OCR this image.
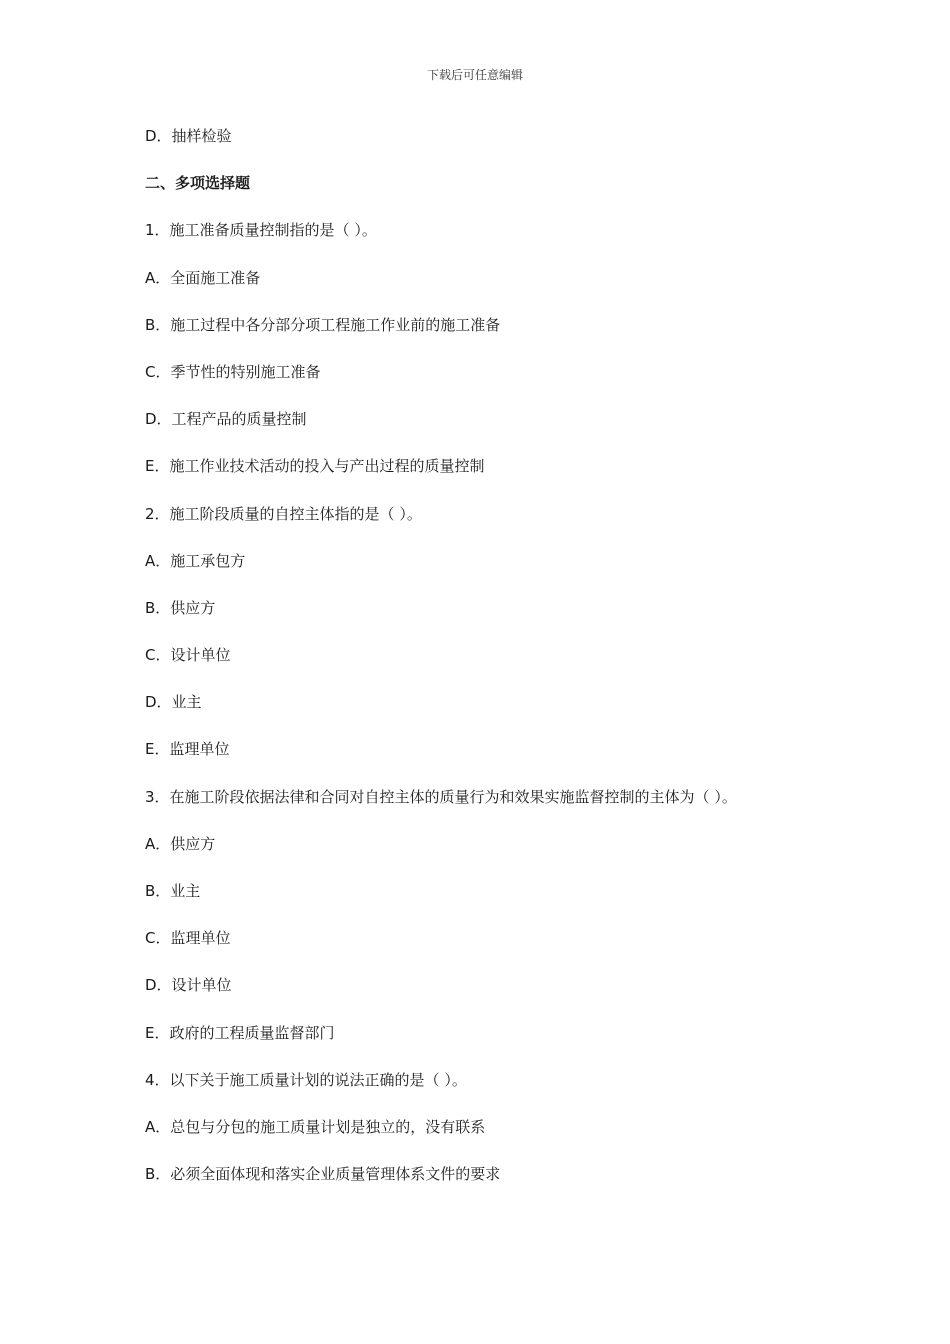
下载后可任意编辑
D．抽样检验
二、多项选择题
1．施工准备质量控制指的是（ ）。
A．全面施工准备
B．施工过程中各分部分项工程施工作业前的施工准备
C．季节性的特别施工准备
D．工程产品的质量控制
E．施工作业技术活动的投入与产出过程的质量控制
2．施工阶段质量的自控主体指的是（ ）。
A．施工承包方
B．供应方
C．设计单位
D．业主
E．监理单位
3．在施工阶段依据法律和合同对自控主体的质量行为和效果实施监督控制的主体为（ ）。
A．供应方
B．业主
C．监理单位
D．设计单位
E．政府的工程质量监督部门
4．以下关于施工质量计划的说法正确的是（ ）。
A．总包与分包的施工质量计划是独立的，没有联系
B．必须全面体现和落实企业质量管理体系文件的要求
